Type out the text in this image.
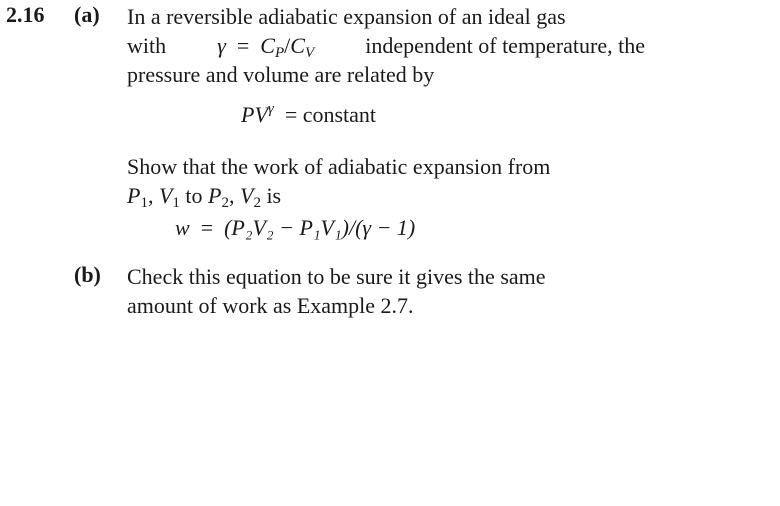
2.16 (a) In a reversible adiabatic expansion of an ideal gas
with $\gamma = C_P/C_V$ independent of temperature, the
pressure and volume are related by
$PV^\gamma$ = constant
Show that the work of adiabatic expansion from
$P_1$, $V_1$ to $P_2$, $V_2$ is
w = (P₂V₂ − P₁V₁)/(γ − 1)
(b) Check this equation to be sure it gives the same
amount of work as Example 2.7.
